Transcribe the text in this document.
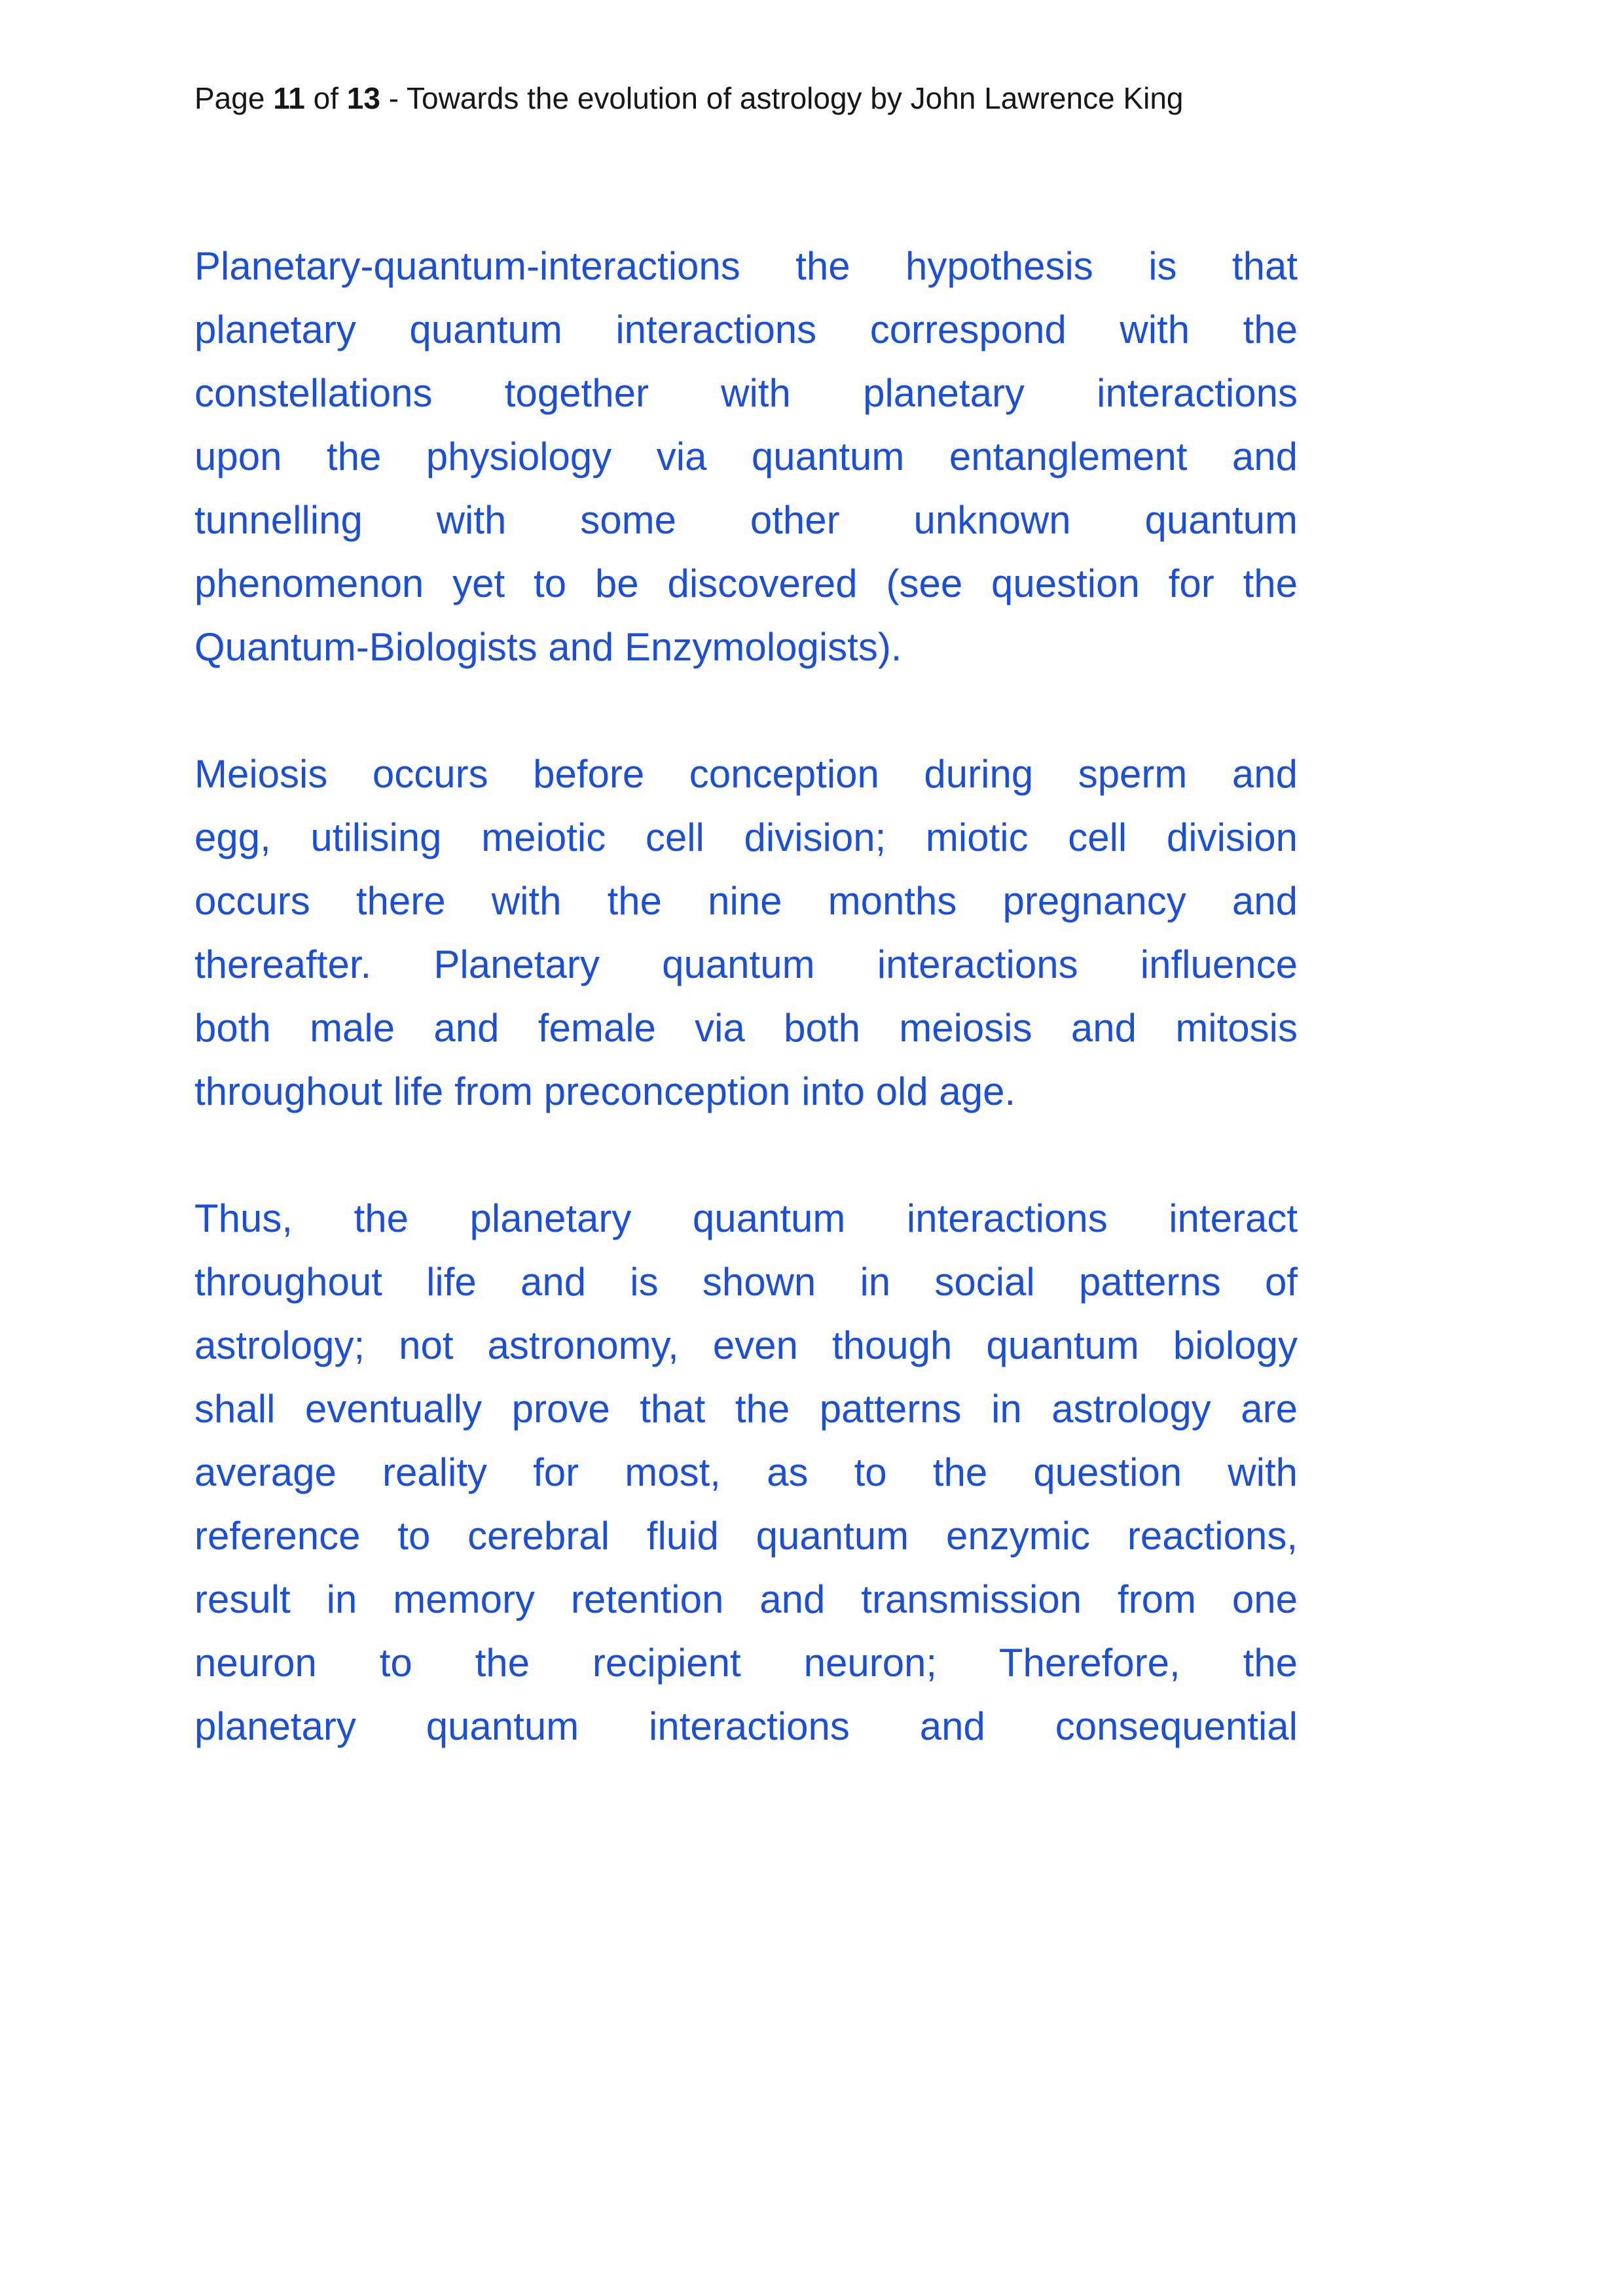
Page 11 of 13 - Towards the evolution of astrology by John Lawrence King
Planetary-quantum-interactions the hypothesis is that
planetary quantum interactions correspond with the
constellations together with planetary interactions
upon the physiology via quantum entanglement and
tunnelling with some other unknown quantum
phenomenon yet to be discovered (see question for the
Quantum-Biologists and Enzymologists).
Meiosis occurs before conception during sperm and
egg, utilising meiotic cell division; miotic cell division
occurs there with the nine months pregnancy and
thereafter. Planetary quantum interactions influence
both male and female via both meiosis and mitosis
throughout life from preconception into old age.
Thus, the planetary quantum interactions interact
throughout life and is shown in social patterns of
astrology; not astronomy, even though quantum biology
shall eventually prove that the patterns in astrology are
average reality for most, as to the question with
reference to cerebral fluid quantum enzymic reactions,
result in memory retention and transmission from one
neuron to the recipient neuron; Therefore, the
planetary quantum interactions and consequential
